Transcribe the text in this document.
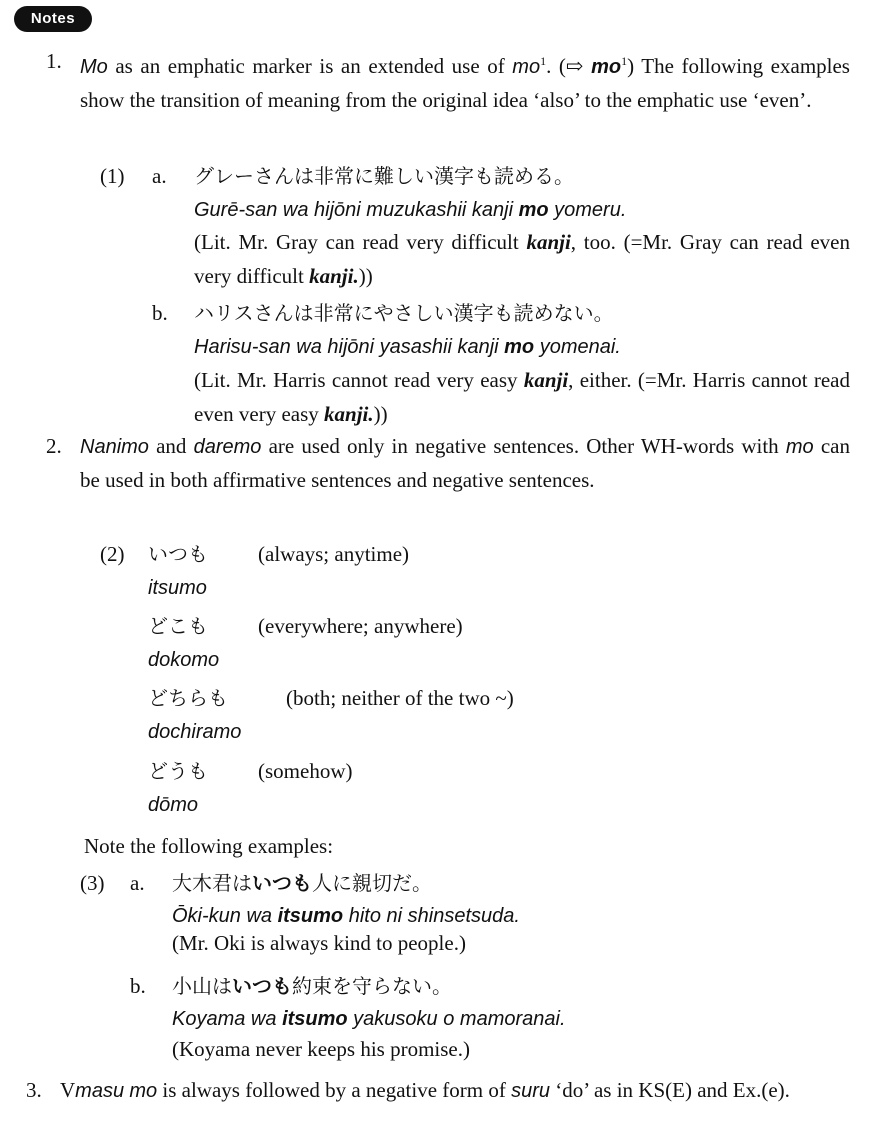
Notes
1. Mo as an emphatic marker is an extended use of $mo^1$. (⇨ $mo^1$) The following examples show the transition of meaning from the original idea ‘also’ to the emphatic use ‘even’.
(1) a. グレーさんは非常に難しい漢字も読める。
Gurē-san wa hijōni muzukashii kanji mo yomeru.
(Lit. Mr. Gray can read very difficult kanji, too. (=Mr. Gray can read even very difficult kanji.))
b. ハリスさんは非常にやさしい漢字も読めない。
Harisu-san wa hijōni yasashii kanji mo yomenai.
(Lit. Mr. Harris cannot read very easy kanji, either. (=Mr. Harris cannot read even very easy kanji.))
2. Nanimo and daremo are used only in negative sentences. Other WH-words with mo can be used in both affirmative sentences and negative sentences.
(2) いつも (always; anytime)
itsumo
どこも (everywhere; anywhere)
dokomo
どちらも	(both; neither of the two ~)
dochiramo
どうも (somehow)
dōmo
Note the following examples:
(3) a. 大木君はいつも人に親切だ。
Ōki-kun wa itsumo hito ni shinsetsuda.
(Mr. Oki is always kind to people.)
b. 小山はいつも約束を守らない。
Koyama wa itsumo yakusoku o mamoranai.
(Koyama never keeps his promise.)
3. Vmasu mo is always followed by a negative form of suru ‘do’ as in KS(E) and Ex.(e).
